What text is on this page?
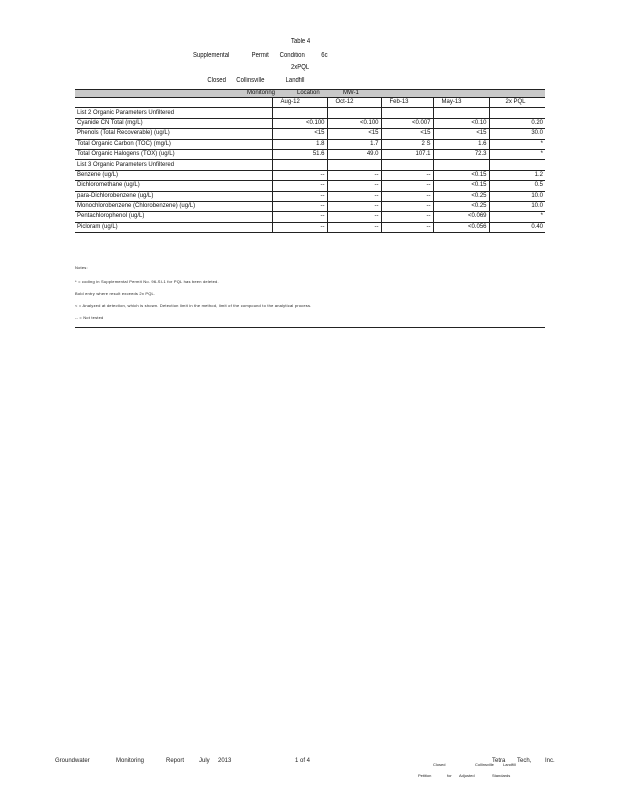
Table 4
Supplemental	Permit Condition 6c
2xPQL
Closed Collinsville	Landfill
Monitoring Location MW-1					

	Aug-12	Oct-12	Feb-13	May-13	2x PQL
List 2 Organic Parameters Unfiltered					
Cyanide CN Total (mg/L)	<0.100	<0.100	<0.007	<0.10	0.20
Phenols (Total Recoverable) (ug/L)	<15	<15	<15	<15	30.0
Total Organic Carbon (TOC) (mg/L)	1.8	1.7	2 S	1.6	*
Total Organic Halogens (TOX) (ug/L)	51.6	49.0	107.1	72.3	*
List 3 Organic Parameters Unfiltered					
Benzene (ug/L)	--	--	--	<0.15	1.2
Dichloromethane (ug/L)	--	--	--	<0.15	0.5
para-Dichlorobenzene (ug/L)	--	--	--	<0.25	10.0
Monochlorobenzene (Chlorobenzene) (ug/L)	--	--	--	<0.25	10.0
Pentachlorophenol (ug/L)	--	--	--	<0.069	*
Picloram (ug/L)	--	--	--	<0.056	0.40
Notes:
* = coding in Supplemental Permit No. 96-SI-1 for PQL has been deleted.
Bold entry where result exceeds 2x PQL.
< = Analyzed at detection, which is shown. Detection limit in the method, limit of the compound to the analytical process.
-- = Not tested
Groundwater	Monitoring	Report July 2013	1 of 4
Closed	Collinsville Landfill
Petition	for Adjusted	Standards
Tetra Tech, Inc.
